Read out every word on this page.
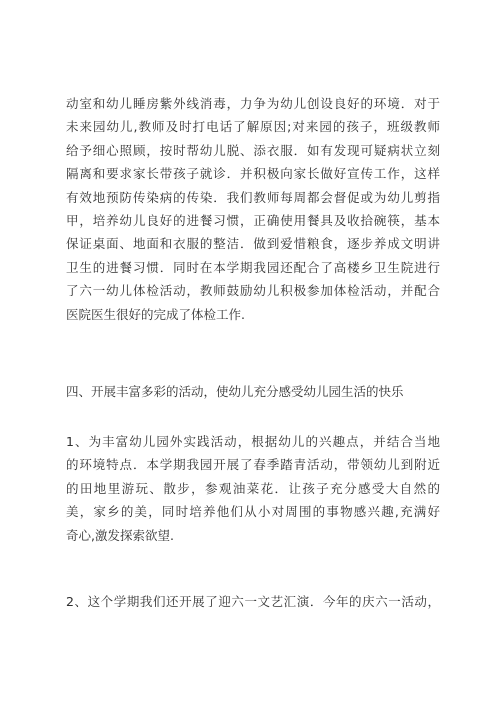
动室和幼儿睡房紫外线消毒，力争为幼儿创设良好的环境．对于
未来园幼儿,教师及时打电话了解原因;对来园的孩子，班级教师
给予细心照顾，按时帮幼儿脱、添衣服．如有发现可疑病状立刻
隔离和要求家长带孩子就诊．并积极向家长做好宣传工作，这样
有效地预防传染病的传染．我们教师每周都会督促或为幼儿剪指
甲，培养幼儿良好的进餐习惯，正确使用餐具及收拾碗筷，基本
保证桌面、地面和衣服的整洁．做到爱惜粮食，逐步养成文明讲
卫生的进餐习惯．同时在本学期我园还配合了高楼乡卫生院进行
了六一幼儿体检活动，教师鼓励幼儿积极参加体检活动，并配合
医院医生很好的完成了体检工作.
四、开展丰富多彩的活动，使幼儿充分感受幼儿园生活的快乐
1、为丰富幼儿园外实践活动，根据幼儿的兴趣点，并结合当地
的环境特点．本学期我园开展了春季踏青活动，带领幼儿到附近
的田地里游玩、散步，参观油菜花．让孩子充分感受大自然的
美，家乡的美，同时培养他们从小对周围的事物感兴趣,充满好
奇心,激发探索欲望.
2、这个学期我们还开展了迎六一文艺汇演．今年的庆六一活动，
